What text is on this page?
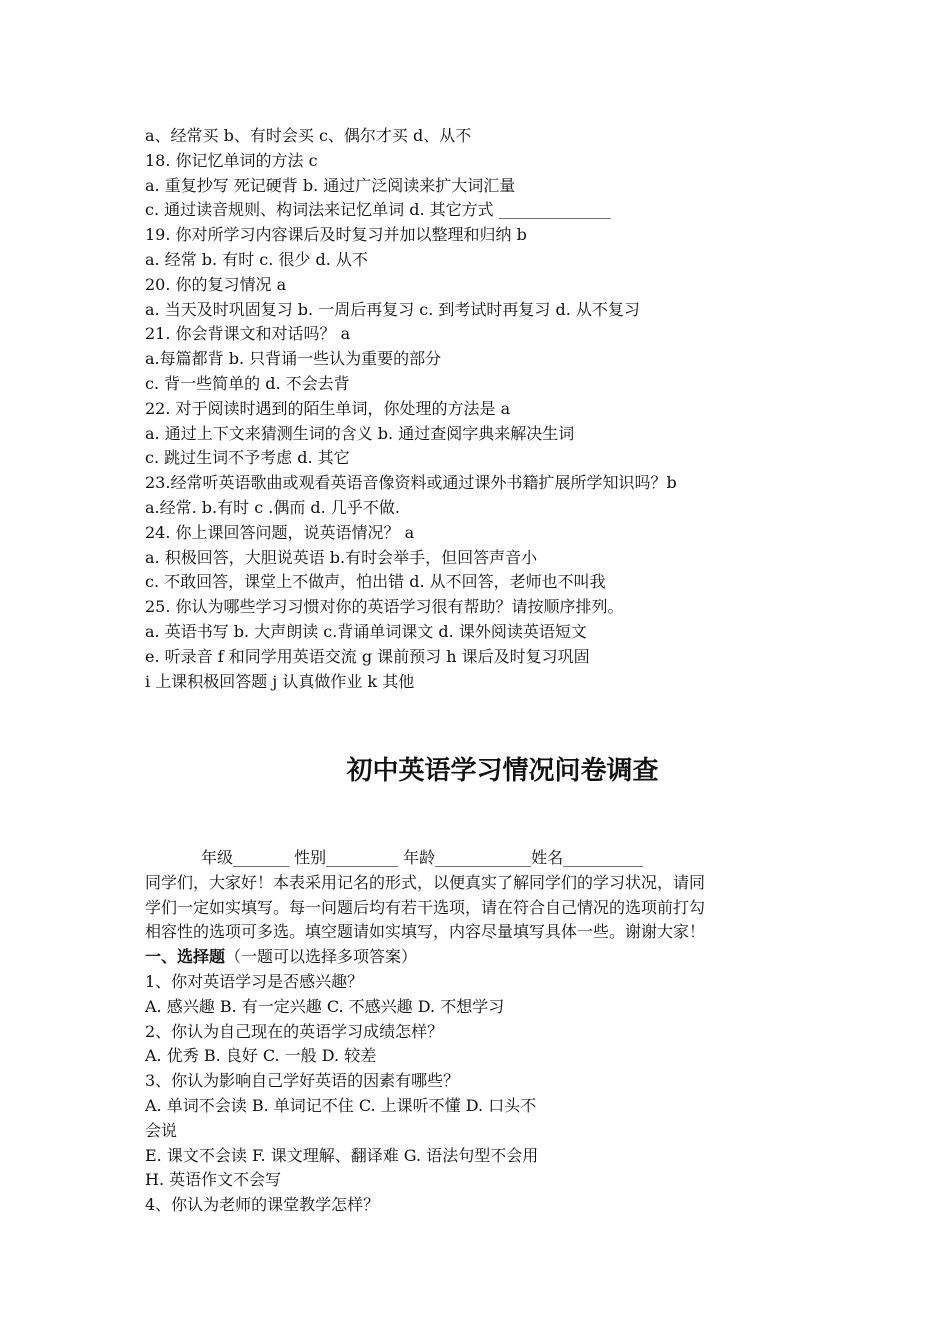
a、经常买 b、有时会买 c、偶尔才买 d、从不
18. 你记忆单词的方法 c
a. 重复抄写 死记硬背 b. 通过广泛阅读来扩大词汇量
c. 通过读音规则、构词法来记忆单词 d. 其它方式 ______________
19. 你对所学习内容课后及时复习并加以整理和归纳 b
a. 经常 b. 有时 c. 很少 d. 从不
20. 你的复习情况 a
a. 当天及时巩固复习 b. 一周后再复习 c. 到考试时再复习 d. 从不复习
21. 你会背课文和对话吗？ a
a.每篇都背 b. 只背诵一些认为重要的部分
c. 背一些简单的 d. 不会去背
22. 对于阅读时遇到的陌生单词，你处理的方法是 a
a. 通过上下文来猜测生词的含义 b. 通过查阅字典来解决生词
c. 跳过生词不予考虑 d. 其它
23.经常听英语歌曲或观看英语音像资料或通过课外书籍扩展所学知识吗？b
a.经常. b.有时 c .偶而 d. 几乎不做.
24. 你上课回答问题，说英语情况？ a
a. 积极回答，大胆说英语 b.有时会举手，但回答声音小
c. 不敢回答，课堂上不做声，怕出错 d. 从不回答，老师也不叫我
25. 你认为哪些学习习惯对你的英语学习很有帮助？请按顺序排列。
a. 英语书写 b. 大声朗读 c.背诵单词课文 d. 课外阅读英语短文
e. 听录音 f 和同学用英语交流 g 课前预习 h 课后及时复习巩固
i 上课积极回答题 j 认真做作业 k 其他
初中英语学习情况问卷调查
年级_______ 性别_________ 年龄____________姓名__________
同学们，大家好！本表采用记名的形式，以便真实了解同学们的学习状况，请同
学们一定如实填写。每一问题后均有若干选项，请在符合自己情况的选项前打勾
相容性的选项可多选。填空题请如实填写，内容尽量填写具体一些。谢谢大家！
一、选择题（一题可以选择多项答案）
1、你对英语学习是否感兴趣？
A. 感兴趣 B. 有一定兴趣 C. 不感兴趣 D. 不想学习
2、你认为自己现在的英语学习成绩怎样？
A. 优秀 B. 良好 C. 一般 D. 较差
3、你认为影响自己学好英语的因素有哪些？
A. 单词不会读 B. 单词记不住 C. 上课听不懂 D. 口头不
会说
E. 课文不会读 F. 课文理解、翻译难 G. 语法句型不会用
H. 英语作文不会写
4、你认为老师的课堂教学怎样？
